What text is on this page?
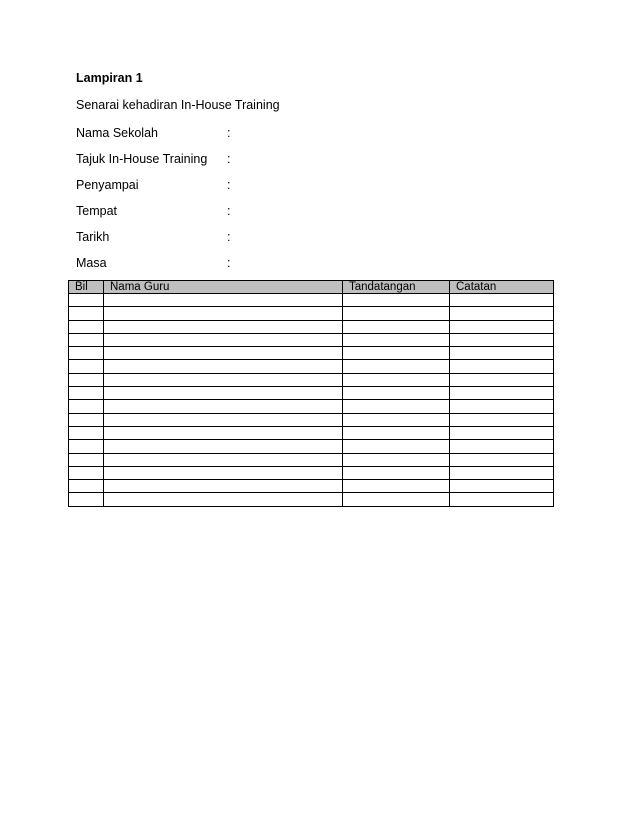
Lampiran 1
Senarai kehadiran In-House Training
Nama Sekolah	:
Tajuk In-House Training :
Penyampai	:
Tempat	:
Tarikh	:
Masa	:
Bil	Nama Guru	Tandatangan	Catatan
